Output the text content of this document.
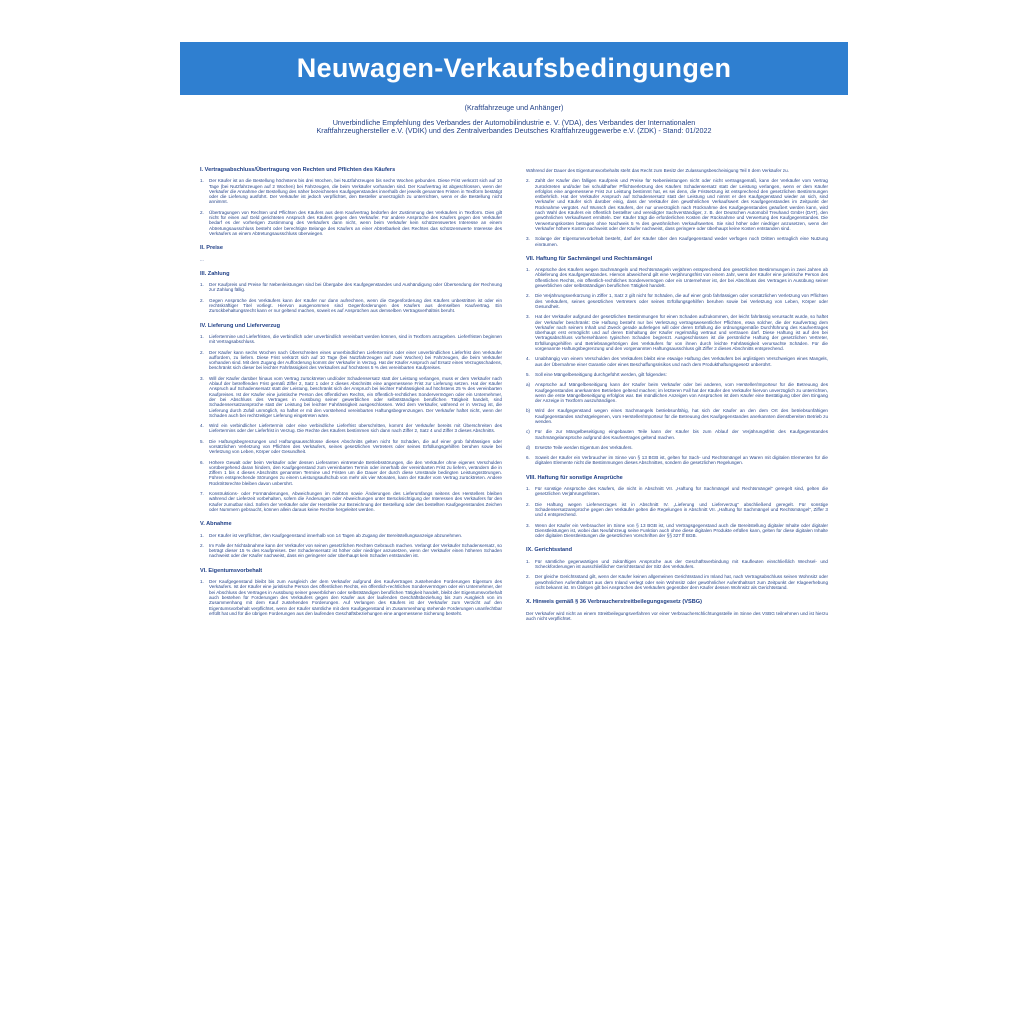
Neuwagen-Verkaufsbedingungen
(Kraftfahrzeuge und Anhänger)
Unverbindliche Empfehlung des Verbandes der Automobilindustrie e. V. (VDA), des Verbandes der Internationalen
Kraftfahrzeughersteller e.V. (VDIK) und des Zentralverbandes Deutsches Kraftfahrzeuggewerbe e.V. (ZDK) - Stand: 01/2022
I. Vertragsabschluss/Übertragung von Rechten und Pflichten des Käufers
1.	Der Käufer ist an die Bestellung höchstens bis drei Wochen, bei Nutzfahrzeugen bis sechs Wochen gebunden. Diese Frist verkürzt sich auf 10 Tage (bei Nutzfahrzeugen auf 2 Wochen) bei Fahrzeugen, die beim Verkäufer vorhanden sind. Der Kaufvertrag ist abgeschlossen, wenn der Verkäufer die Annahme der Bestellung des näher bezeichneten Kaufgegenstandes innerhalb der jeweils genannten Fristen in Textform bestätigt oder die Lieferung ausführt. Der Verkäufer ist jedoch verpflichtet, den Besteller unverzüglich zu unterrichten, wenn er die Bestellung nicht annimmt.
2.	Übertragungen von Rechten und Pflichten des Käufers aus dem Kaufvertrag bedürfen der Zustimmung des Verkäufers in Textform. Dies gilt nicht für einen auf Geld gerichteten Anspruch des Käufers gegen den Verkäufer. Für andere Ansprüche des Käufers gegen den Verkäufer bedarf es der vorherigen Zustimmung des Verkäufers dann nicht, wenn beim Verkäufer kein schützenswertes Interesse an einem Abtretungsausschluss besteht oder berechtigte Belange des Käufers an einer Abtretbarkeit des Rechtes das schützenswerte Interesse des Verkäufers an einem Abtretungsausschluss überwiegen.
II. Preise
...
III. Zahlung
1.	Der Kaufpreis und Preise für Nebenleistungen sind bei Übergabe des Kaufgegenstandes und Aushändigung oder Übersendung der Rechnung zur Zahlung fällig.
2.	Gegen Ansprüche des Verkäufers kann der Käufer nur dann aufrechnen, wenn die Gegenforderung des Käufers unbestritten ist oder ein rechtskräftiger Titel vorliegt. Hiervon ausgenommen sind Gegenforderungen des Käufers aus demselben Kaufvertrag. Ein Zurückbehaltungsrecht kann er nur geltend machen, soweit es auf Ansprüchen aus demselben Vertragsverhältnis beruht.
IV. Lieferung und Lieferverzug
1.	Liefertermine und Lieferfristen, die verbindlich oder unverbindlich vereinbart werden können, sind in Textform anzugeben. Lieferfristen beginnen mit Vertragsabschluss.
2.	Der Käufer kann sechs Wochen nach Überschreiten eines unverbindlichen Liefertermins oder einer unverbindlichen Lieferfrist den Verkäufer auffordern, zu liefern. Diese Frist verkürzt sich auf 10 Tage (bei Nutzfahrzeugen auf zwei Wochen) bei Fahrzeugen, die beim Verkäufer vorhanden sind. Mit dem Zugang der Aufforderung kommt der Verkäufer in Verzug. Hat der Käufer Anspruch auf Ersatz eines Verzugsschadens, beschränkt sich dieser bei leichter Fahrlässigkeit des Verkäufers auf höchstens 5 % des vereinbarten Kaufpreises.
3.	Will der Käufer darüber hinaus vom Vertrag zurücktreten und/oder Schadensersatz statt der Leistung verlangen, muss er dem Verkäufer nach Ablauf der betreffenden Frist gemäß Ziffer 2, Satz 1 oder 2 dieses Abschnitts eine angemessene Frist zur Lieferung setzen. Hat der Käufer Anspruch auf Schadensersatz statt der Leistung, beschränkt sich der Anspruch bei leichter Fahrlässigkeit auf höchstens 25 % des vereinbarten Kaufpreises. Ist der Käufer eine juristische Person des öffentlichen Rechts, ein öffentlich-rechtliches Sondervermögen oder ein Unternehmer, der bei Abschluss des Vertrages in Ausübung seiner gewerblichen oder selbstständigen beruflichen Tätigkeit handelt, sind Schadensersatzansprüche statt der Leistung bei leichter Fahrlässigkeit ausgeschlossen. Wird dem Verkäufer, während er in Verzug ist, die Lieferung durch Zufall unmöglich, so haftet er mit den vorstehend vereinbarten Haftungsbegrenzungen. Der Verkäufer haftet nicht, wenn der Schaden auch bei rechtzeitiger Lieferung eingetreten wäre.
4.	Wird ein verbindlicher Liefertermin oder eine verbindliche Lieferfrist überschritten, kommt der Verkäufer bereits mit Überschreiten des Liefertermins oder der Lieferfrist in Verzug. Die Rechte des Käufers bestimmen sich dann nach Ziffer 2, Satz 4 und Ziffer 3 dieses Abschnitts.
5.	Die Haftungsbegrenzungen und Haftungsausschlüsse dieses Abschnitts gelten nicht für Schäden, die auf einer grob fahrlässigen oder vorsätzlichen Verletzung von Pflichten des Verkäufers, seines gesetzlichen Vertreters oder seines Erfüllungsgehilfen beruhen sowie bei Verletzung von Leben, Körper oder Gesundheit.
6.	Höhere Gewalt oder beim Verkäufer oder dessen Lieferanten eintretende Betriebsstörungen, die den Verkäufer ohne eigenes Verschulden vorübergehend daran hindern, den Kaufgegenstand zum vereinbarten Termin oder innerhalb der vereinbarten Frist zu liefern, verändern die in Ziffern 1 bis 4 dieses Abschnitts genannten Termine und Fristen um die Dauer der durch diese Umstände bedingten Leistungsstörungen. Führen entsprechende Störungen zu einem Leistungsaufschub von mehr als vier Monaten, kann der Käufer vom Vertrag zurücktreten. Andere Rücktrittsrechte bleiben davon unberührt.
7.	Konstruktions- oder Formänderungen, Abweichungen im Farbton sowie Änderungen des Lieferumfangs seitens des Herstellers bleiben während der Lieferzeit vorbehalten, sofern die Änderungen oder Abweichungen unter Berücksichtigung der Interessen des Verkäufers für den Käufer zumutbar sind. Sofern der Verkäufer oder der Hersteller zur Bezeichnung der Bestellung oder des bestellten Kaufgegenstandes Zeichen oder Nummern gebraucht, können allein daraus keine Rechte hergeleitet werden.
V. Abnahme
1.	Der Käufer ist verpflichtet, den Kaufgegenstand innerhalb von 14 Tagen ab Zugang der Bereitstellungsanzeige abzunehmen.
2.	Im Falle der Nichtabnahme kann der Verkäufer von seinen gesetzlichen Rechten Gebrauch machen. Verlangt der Verkäufer Schadensersatz, so beträgt dieser 15 % des Kaufpreises. Der Schadensersatz ist höher oder niedriger anzusetzen, wenn der Verkäufer einen höheren Schaden nachweist oder der Käufer nachweist, dass ein geringerer oder überhaupt kein Schaden entstanden ist.
VI. Eigentumsvorbehalt
1.	Der Kaufgegenstand bleibt bis zum Ausgleich der dem Verkäufer aufgrund des Kaufvertrages zustehenden Forderungen Eigentum des Verkäufers. Ist der Käufer eine juristische Person des öffentlichen Rechts, ein öffentlich-rechtliches Sondervermögen oder ein Unternehmer, der bei Abschluss des Vertrages in Ausübung seiner gewerblichen oder selbstständigen beruflichen Tätigkeit handelt, bleibt der Eigentumsvorbehalt auch bestehen für Forderungen des Verkäufers gegen den Käufer aus der laufenden Geschäftsbeziehung bis zum Ausgleich von im Zusammenhang mit dem Kauf zustehenden Forderungen. Auf Verlangen des Käufers ist der Verkäufer zum Verzicht auf den Eigentumsvorbehalt verpflichtet, wenn der Käufer sämtliche mit dem Kaufgegenstand im Zusammenhang stehende Forderungen unanfechtbar erfüllt hat und für die übrigen Forderungen aus den laufenden Geschäftsbeziehungen eine angemessene Sicherung besteht.
Während der Dauer des Eigentumsvorbehalts steht das Recht zum Besitz der Zulassungsbescheinigung Teil II dem Verkäufer zu.
2.	Zahlt der Käufer den fälligen Kaufpreis und Preise für Nebenleistungen nicht oder nicht vertragsgemäß, kann der Verkäufer vom Vertrag zurücktreten und/oder bei schuldhafter Pflichtverletzung des Käufers Schadensersatz statt der Leistung verlangen, wenn er dem Käufer erfolglos eine angemessene Frist zur Leistung bestimmt hat, es sei denn, die Fristsetzung ist entsprechend den gesetzlichen Bestimmungen entbehrlich. Hat der Verkäufer Anspruch auf Schadensersatz statt der Leistung und nimmt er den Kaufgegenstand wieder an sich, sind Verkäufer und Käufer sich darüber einig, dass der Verkäufer den gewöhnlichen Verkaufswert des Kaufgegenstandes im Zeitpunkt der Rücknahme vergütet. Auf Wunsch des Käufers, der nur unverzüglich nach Rücknahme des Kaufgegenstandes geäußert werden kann, wird nach Wahl des Käufers ein öffentlich bestellter und vereidigter Sachverständiger, z. B. der Deutschen Automobil Treuhand GmbH (DAT), den gewöhnlichen Verkaufswert ermitteln. Der Käufer trägt die erforderlichen Kosten der Rücknahme und Verwertung des Kaufgegenstandes. Die Verwertungskosten betragen ohne Nachweis 5 % des gewöhnlichen Verkaufswertes. Sie sind höher oder niedriger anzusetzen, wenn der Verkäufer höhere Kosten nachweist oder der Käufer nachweist, dass geringere oder überhaupt keine Kosten entstanden sind.
3.	Solange der Eigentumsvorbehalt besteht, darf der Käufer über den Kaufgegenstand weder verfügen noch Dritten vertraglich eine Nutzung einräumen.
VII. Haftung für Sachmängel und Rechtsmängel
1.	Ansprüche des Käufers wegen Sachmängeln und Rechtsmängeln verjähren entsprechend den gesetzlichen Bestimmungen in zwei Jahren ab Ablieferung des Kaufgegenstandes. Hiervon abweichend gilt eine Verjährungsfrist von einem Jahr, wenn der Käufer eine juristische Person des öffentlichen Rechts, ein öffentlich-rechtliches Sondervermögen oder ein Unternehmer ist, der bei Abschluss des Vertrages in Ausübung seiner gewerblichen oder selbstständigen beruflichen Tätigkeit handelt.
2.	Die Verjährungsverkürzung in Ziffer 1, Satz 2 gilt nicht für Schäden, die auf einer grob fahrlässigen oder vorsätzlichen Verletzung von Pflichten des Verkäufers, seines gesetzlichen Vertreters oder seines Erfüllungsgehilfen beruhen sowie bei Verletzung von Leben, Körper oder Gesundheit.
3.	Hat der Verkäufer aufgrund der gesetzlichen Bestimmungen für einen Schaden aufzukommen, der leicht fahrlässig verursacht wurde, so haftet der Verkäufer beschränkt: Die Haftung besteht nur bei Verletzung vertragswesentlicher Pflichten, etwa solcher, die der Kaufvertrag dem Verkäufer nach seinem Inhalt und Zweck gerade auferlegen will oder deren Erfüllung die ordnungsgemäße Durchführung des Kaufvertrages überhaupt erst ermöglicht und auf deren Einhaltung der Käufer regelmäßig vertraut und vertrauen darf. Diese Haftung ist auf den bei Vertragsabschluss vorhersehbaren typischen Schaden begrenzt. Ausgeschlossen ist die persönliche Haftung der gesetzlichen Vertreter, Erfüllungsgehilfen und Betriebsangehörigen des Verkäufers für von ihnen durch leichte Fahrlässigkeit verursachte Schäden. Für die vorgenannte Haftungsbegrenzung und den vorgenannten Haftungsausschluss gilt Ziffer 2 dieses Abschnitts entsprechend.
4.	Unabhängig von einem Verschulden des Verkäufers bleibt eine etwaige Haftung des Verkäufers bei arglistigem Verschweigen eines Mangels, aus der Übernahme einer Garantie oder eines Beschaffungsrisikos und nach dem Produkthaftungsgesetz unberührt.
5.	Soll eine Mängelbeseitigung durchgeführt werden, gilt folgendes:
a)	Ansprüche auf Mängelbeseitigung kann der Käufer beim Verkäufer oder bei anderen, vom Hersteller/Importeur für die Betreuung des Kaufgegenstandes anerkannten Betrieben geltend machen; im letzteren Fall hat der Käufer den Verkäufer hiervon unverzüglich zu unterrichten, wenn die erste Mängelbeseitigung erfolglos war. Bei mündlichen Anzeigen von Ansprüchen ist dem Käufer eine Bestätigung über den Eingang der Anzeige in Textform auszuhändigen.
b)	Wird der Kaufgegenstand wegen eines Sachmangels betriebsunfähig, hat sich der Käufer an den dem Ort des betriebsunfähigen Kaufgegenstandes nächstgelegenen, vom Hersteller/Importeur für die Betreuung des Kaufgegenstandes anerkannten dienstbereiten Betrieb zu wenden.
c)	Für die zur Mängelbeseitigung eingebauten Teile kann der Käufer bis zum Ablauf der Verjährungsfrist des Kaufgegenstandes Sachmängelansprüche aufgrund des Kaufvertrages geltend machen.
d)	Ersetzte Teile werden Eigentum des Verkäufers.
6.	Soweit der Käufer ein Verbraucher im Sinne von § 13 BGB ist, gelten für Sach- und Rechtsmängel an Waren mit digitalen Elementen für die digitalen Elemente nicht die Bestimmungen dieses Abschnittes, sondern die gesetzlichen Regelungen.
VIII. Haftung für sonstige Ansprüche
1.	Für sonstige Ansprüche des Käufers, die nicht in Abschnitt VII. „Haftung für Sachmängel und Rechtsmängel“ geregelt sind, gelten die gesetzlichen Verjährungsfristen.
2.	Die Haftung wegen Lieferverzuges ist in Abschnitt IV. „Lieferung und Lieferverzug“ abschließend geregelt. Für sonstige Schadensersatzansprüche gegen den Verkäufer gelten die Regelungen in Abschnitt VII. „Haftung für Sachmängel und Rechtsmängel“, Ziffer 3 und 4 entsprechend.
3.	Wenn der Käufer ein Verbraucher im Sinne von § 13 BGB ist, und Vertragsgegenstand auch die Bereitstellung digitaler Inhalte oder digitaler Dienstleistungen ist, wobei das Neufahrzeug seine Funktion auch ohne diese digitalen Produkte erfüllen kann, gelten für diese digitalen Inhalte oder digitalen Dienstleistungen die gesetzlichen Vorschriften der §§ 327 ff BGB.
IX. Gerichtsstand
1.	Für sämtliche gegenwärtigen und zukünftigen Ansprüche aus der Geschäftsverbindung mit Kaufleuten einschließlich Wechsel- und Scheckforderungen ist ausschließlicher Gerichtsstand der Sitz des Verkäufers.
2.	Der gleiche Gerichtsstand gilt, wenn der Käufer keinen allgemeinen Gerichtsstand im Inland hat, nach Vertragsabschluss seinen Wohnsitz oder gewöhnlichen Aufenthaltsort aus dem Inland verlegt oder sein Wohnsitz oder gewöhnlicher Aufenthaltsort zum Zeitpunkt der Klageerhebung nicht bekannt ist. Im Übrigen gilt bei Ansprüchen des Verkäufers gegenüber dem Käufer dessen Wohnsitz als Gerichtsstand.
X. Hinweis gemäß § 36 Verbraucherstreitbeilegungsgesetz (VSBG)
Der Verkäufer wird nicht an einem Streitbeilegungsverfahren vor einer Verbraucherschlichtungsstelle im Sinne des VSBG teilnehmen und ist hierzu auch nicht verpflichtet.
